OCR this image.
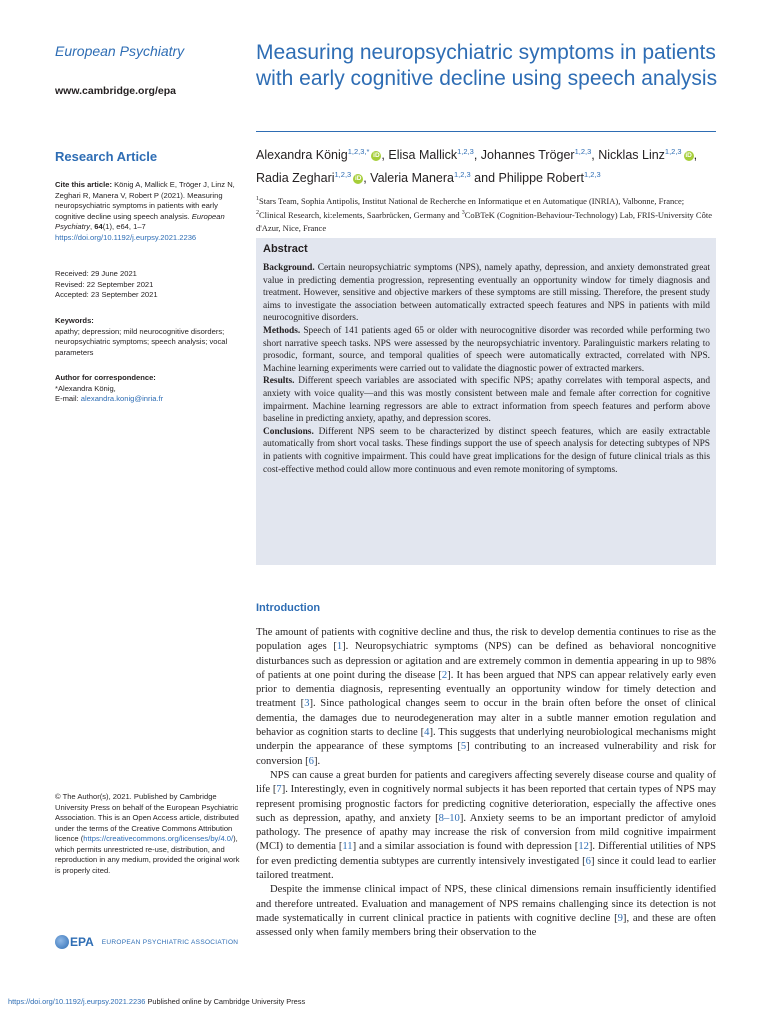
European Psychiatry
www.cambridge.org/epa
Research Article
Cite this article: König A, Mallick E, Tröger J, Linz N, Zeghari R, Manera V, Robert P (2021). Measuring neuropsychiatric symptoms in patients with early cognitive decline using speech analysis. European Psychiatry, 64(1), e64, 1–7 https://doi.org/10.1192/j.eurpsy.2021.2236
Received: 29 June 2021
Revised: 22 September 2021
Accepted: 23 September 2021
Keywords:
apathy; depression; mild neurocognitive disorders; neuropsychiatric symptoms; speech analysis; vocal parameters
Author for correspondence:
*Alexandra König,
E-mail: alexandra.konig@inria.fr
© The Author(s), 2021. Published by Cambridge University Press on behalf of the European Psychiatric Association. This is an Open Access article, distributed under the terms of the Creative Commons Attribution licence (https://creativecommons.org/licenses/by/4.0/), which permits unrestricted re-use, distribution, and reproduction in any medium, provided the original work is properly cited.
EPA EUROPEAN PSYCHIATRIC ASSOCIATION
Measuring neuropsychiatric symptoms in patients with early cognitive decline using speech analysis
Alexandra König$^{1,2,3,*}$ iD , Elisa Mallick$^{1,2,3}$, Johannes Tröger$^{1,2,3}$, Nicklas Linz$^{1,2,3}$ iD , Radia Zeghari$^{1,2,3}$ iD , Valeria Manera$^{1,2,3}$ and Philippe Robert$^{1,2,3}$
$^1$Stars Team, Sophia Antipolis, Institut National de Recherche en Informatique et en Automatique (INRIA), Valbonne, France; $^2$Clinical Research, ki:elements, Saarbrücken, Germany and $^3$CoBTeK (Cognition-Behaviour-Technology) Lab, FRIS-University Côte d'Azur, Nice, France
Abstract
Background. Certain neuropsychiatric symptoms (NPS), namely apathy, depression, and anxiety demonstrated great value in predicting dementia progression, representing eventually an opportunity window for timely diagnosis and treatment. However, sensitive and objective markers of these symptoms are still missing. Therefore, the present study aims to investigate the association between automatically extracted speech features and NPS in patients with mild neurocognitive disorders.
Methods. Speech of 141 patients aged 65 or older with neurocognitive disorder was recorded while performing two short narrative speech tasks. NPS were assessed by the neuropsychiatric inventory. Paralinguistic markers relating to prosodic, formant, source, and temporal qualities of speech were automatically extracted, correlated with NPS. Machine learning experiments were carried out to validate the diagnostic power of extracted markers.
Results. Different speech variables are associated with specific NPS; apathy correlates with temporal aspects, and anxiety with voice quality—and this was mostly consistent between male and female after correction for cognitive impairment. Machine learning regressors are able to extract information from speech features and perform above baseline in predicting anxiety, apathy, and depression scores.
Conclusions. Different NPS seem to be characterized by distinct speech features, which are easily extractable automatically from short vocal tasks. These findings support the use of speech analysis for detecting subtypes of NPS in patients with cognitive impairment. This could have great implications for the design of future clinical trials as this cost-effective method could allow more continuous and even remote monitoring of symptoms.
Introduction

The amount of patients with cognitive decline and thus, the risk to develop dementia continues to rise as the population ages [1]. Neuropsychiatric symptoms (NPS) can be defined as behavioral noncognitive disturbances such as depression or agitation and are extremely common in dementia appearing in up to 98% of patients at one point during the disease [2]. It has been argued that NPS can appear relatively early even prior to dementia diagnosis, representing eventually an opportunity window for timely detection and treatment [3]. Since pathological changes seem to occur in the brain often before the onset of clinical dementia, the damages due to neurodegeneration may alter in a subtle manner emotion regulation and behavior as cognition starts to decline [4]. This suggests that underlying neurobiological mechanisms might underpin the appearance of these symptoms [5] contributing to an increased vulnerability and risk for conversion [6].

NPS can cause a great burden for patients and caregivers affecting severely disease course and quality of life [7]. Interestingly, even in cognitively normal subjects it has been reported that certain types of NPS may represent promising prognostic factors for predicting cognitive deterioration, especially the affective ones such as depression, apathy, and anxiety [8–10]. Anxiety seems to be an important predictor of amyloid pathology. The presence of apathy may increase the risk of conversion from mild cognitive impairment (MCI) to dementia [11] and a similar association is found with depression [12]. Differential utilities of NPS for even predicting dementia subtypes are currently intensively investigated [6] since it could lead to earlier tailored treatment.

Despite the immense clinical impact of NPS, these clinical dimensions remain insufficiently identified and therefore untreated. Evaluation and management of NPS remains challenging since its detection is not made systematically in current clinical practice in patients with cognitive decline [9], and these are often assessed only when family members bring their observation to the

https://doi.org/10.1192/j.eurpsy.2021.2236 Published online by Cambridge University Press
